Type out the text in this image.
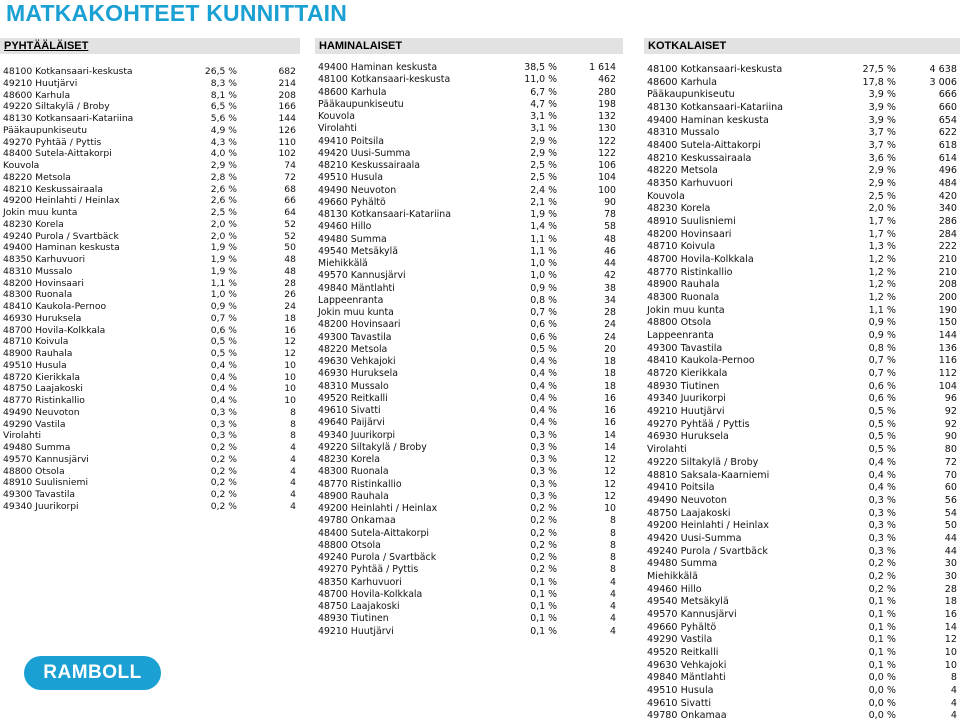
MATKAKOHTEET KUNNITTAIN
PYHTÄÄLÄISET
48100 Kotkansaari-keskusta	26,5 %	682
49210 Huutjärvi	8,3 %	214
48600 Karhula	8,1 %	208
49220 Siltakylä / Broby	6,5 %	166
48130 Kotkansaari-Katariina	5,6 %	144
Pääkaupunkiseutu	4,9 %	126
49270 Pyhtää / Pyttis	4,3 %	110
48400 Sutela-Aittakorpi	4,0 %	102
Kouvola	2,9 %	74
48220 Metsola	2,8 %	72
48210 Keskussairaala	2,6 %	68
49200 Heinlahti / Heinlax	2,6 %	66
Jokin muu kunta	2,5 %	64
48230 Korela	2,0 %	52
49240 Purola / Svartbäck	2,0 %	52
49400 Haminan keskusta	1,9 %	50
48350 Karhuvuori	1,9 %	48
48310 Mussalo	1,9 %	48
48200 Hovinsaari	1,1 %	28
48300 Ruonala	1,0 %	26
48410 Kaukola-Pernoo	0,9 %	24
46930 Huruksela	0,7 %	18
48700 Hovila-Kolkkala	0,6 %	16
48710 Koivula	0,5 %	12
48900 Rauhala	0,5 %	12
49510 Husula	0,4 %	10
48720 Kierikkala	0,4 %	10
48750 Laajakoski	0,4 %	10
48770 Ristinkallio	0,4 %	10
49490 Neuvoton	0,3 %	8
49290 Vastila	0,3 %	8
Virolahti	0,3 %	8
49480 Summa	0,2 %	4
49570 Kannusjärvi	0,2 %	4
48800 Otsola	0,2 %	4
48910 Suulisniemi	0,2 %	4
49300 Tavastila	0,2 %	4
49340 Juurikorpi	0,2 %	4
HAMINALAISET
49400 Haminan keskusta	38,5 %	1 614
48100 Kotkansaari-keskusta	11,0 %	462
48600 Karhula	6,7 %	280
Pääkaupunkiseutu	4,7 %	198
Kouvola	3,1 %	132
Virolahti	3,1 %	130
49410 Poitsila	2,9 %	122
49420 Uusi-Summa	2,9 %	122
48210 Keskussairaala	2,5 %	106
49510 Husula	2,5 %	104
49490 Neuvoton	2,4 %	100
49660 Pyhältö	2,1 %	90
48130 Kotkansaari-Katariina	1,9 %	78
49460 Hillo	1,4 %	58
49480 Summa	1,1 %	48
49540 Metsäkylä	1,1 %	46
Miehikkälä	1,0 %	44
49570 Kannusjärvi	1,0 %	42
49840 Mäntlahti	0,9 %	38
Lappeenranta	0,8 %	34
Jokin muu kunta	0,7 %	28
48200 Hovinsaari	0,6 %	24
49300 Tavastila	0,6 %	24
48220 Metsola	0,5 %	20
49630 Vehkajoki	0,4 %	18
46930 Huruksela	0,4 %	18
48310 Mussalo	0,4 %	18
49520 Reitkalli	0,4 %	16
49610 Sivatti	0,4 %	16
49640 Paijärvi	0,4 %	16
49340 Juurikorpi	0,3 %	14
49220 Siltakylä / Broby	0,3 %	14
48230 Korela	0,3 %	12
48300 Ruonala	0,3 %	12
48770 Ristinkallio	0,3 %	12
48900 Rauhala	0,3 %	12
49200 Heinlahti / Heinlax	0,2 %	10
49780 Onkamaa	0,2 %	8
48400 Sutela-Aittakorpi	0,2 %	8
48800 Otsola	0,2 %	8
49240 Purola / Svartbäck	0,2 %	8
49270 Pyhtää / Pyttis	0,2 %	8
48350 Karhuvuori	0,1 %	4
48700 Hovila-Kolkkala	0,1 %	4
48750 Laajakoski	0,1 %	4
48930 Tiutinen	0,1 %	4
49210 Huutjärvi	0,1 %	4
KOTKALAISET
48100 Kotkansaari-keskusta	27,5 %	4 638
48600 Karhula	17,8 %	3 006
Pääkaupunkiseutu	3,9 %	666
48130 Kotkansaari-Katariina	3,9 %	660
49400 Haminan keskusta	3,9 %	654
48310 Mussalo	3,7 %	622
48400 Sutela-Aittakorpi	3,7 %	618
48210 Keskussairaala	3,6 %	614
48220 Metsola	2,9 %	496
48350 Karhuvuori	2,9 %	484
Kouvola	2,5 %	420
48230 Korela	2,0 %	340
48910 Suulisniemi	1,7 %	286
48200 Hovinsaari	1,7 %	284
48710 Koivula	1,3 %	222
48700 Hovila-Kolkkala	1,2 %	210
48770 Ristinkallio	1,2 %	210
48900 Rauhala	1,2 %	208
48300 Ruonala	1,2 %	200
Jokin muu kunta	1,1 %	190
48800 Otsola	0,9 %	150
Lappeenranta	0,9 %	144
49300 Tavastila	0,8 %	136
48410 Kaukola-Pernoo	0,7 %	116
48720 Kierikkala	0,7 %	112
48930 Tiutinen	0,6 %	104
49340 Juurikorpi	0,6 %	96
49210 Huutjärvi	0,5 %	92
49270 Pyhtää / Pyttis	0,5 %	92
46930 Huruksela	0,5 %	90
Virolahti	0,5 %	80
49220 Siltakylä / Broby	0,4 %	72
48810 Saksala-Kaarniemi	0,4 %	70
49410 Poitsila	0,4 %	60
49490 Neuvoton	0,3 %	56
48750 Laajakoski	0,3 %	54
49200 Heinlahti / Heinlax	0,3 %	50
49420 Uusi-Summa	0,3 %	44
49240 Purola / Svartbäck	0,3 %	44
49480 Summa	0,2 %	30
Miehikkälä	0,2 %	30
49460 Hillo	0,2 %	28
49540 Metsäkylä	0,1 %	18
49570 Kannusjärvi	0,1 %	16
49660 Pyhältö	0,1 %	14
49290 Vastila	0,1 %	12
49520 Reitkalli	0,1 %	10
49630 Vehkajoki	0,1 %	10
49840 Mäntlahti	0,0 %	8
49510 Husula	0,0 %	4
49610 Sivatti	0,0 %	4
49780 Onkamaa	0,0 %	4
RAMBOLL
